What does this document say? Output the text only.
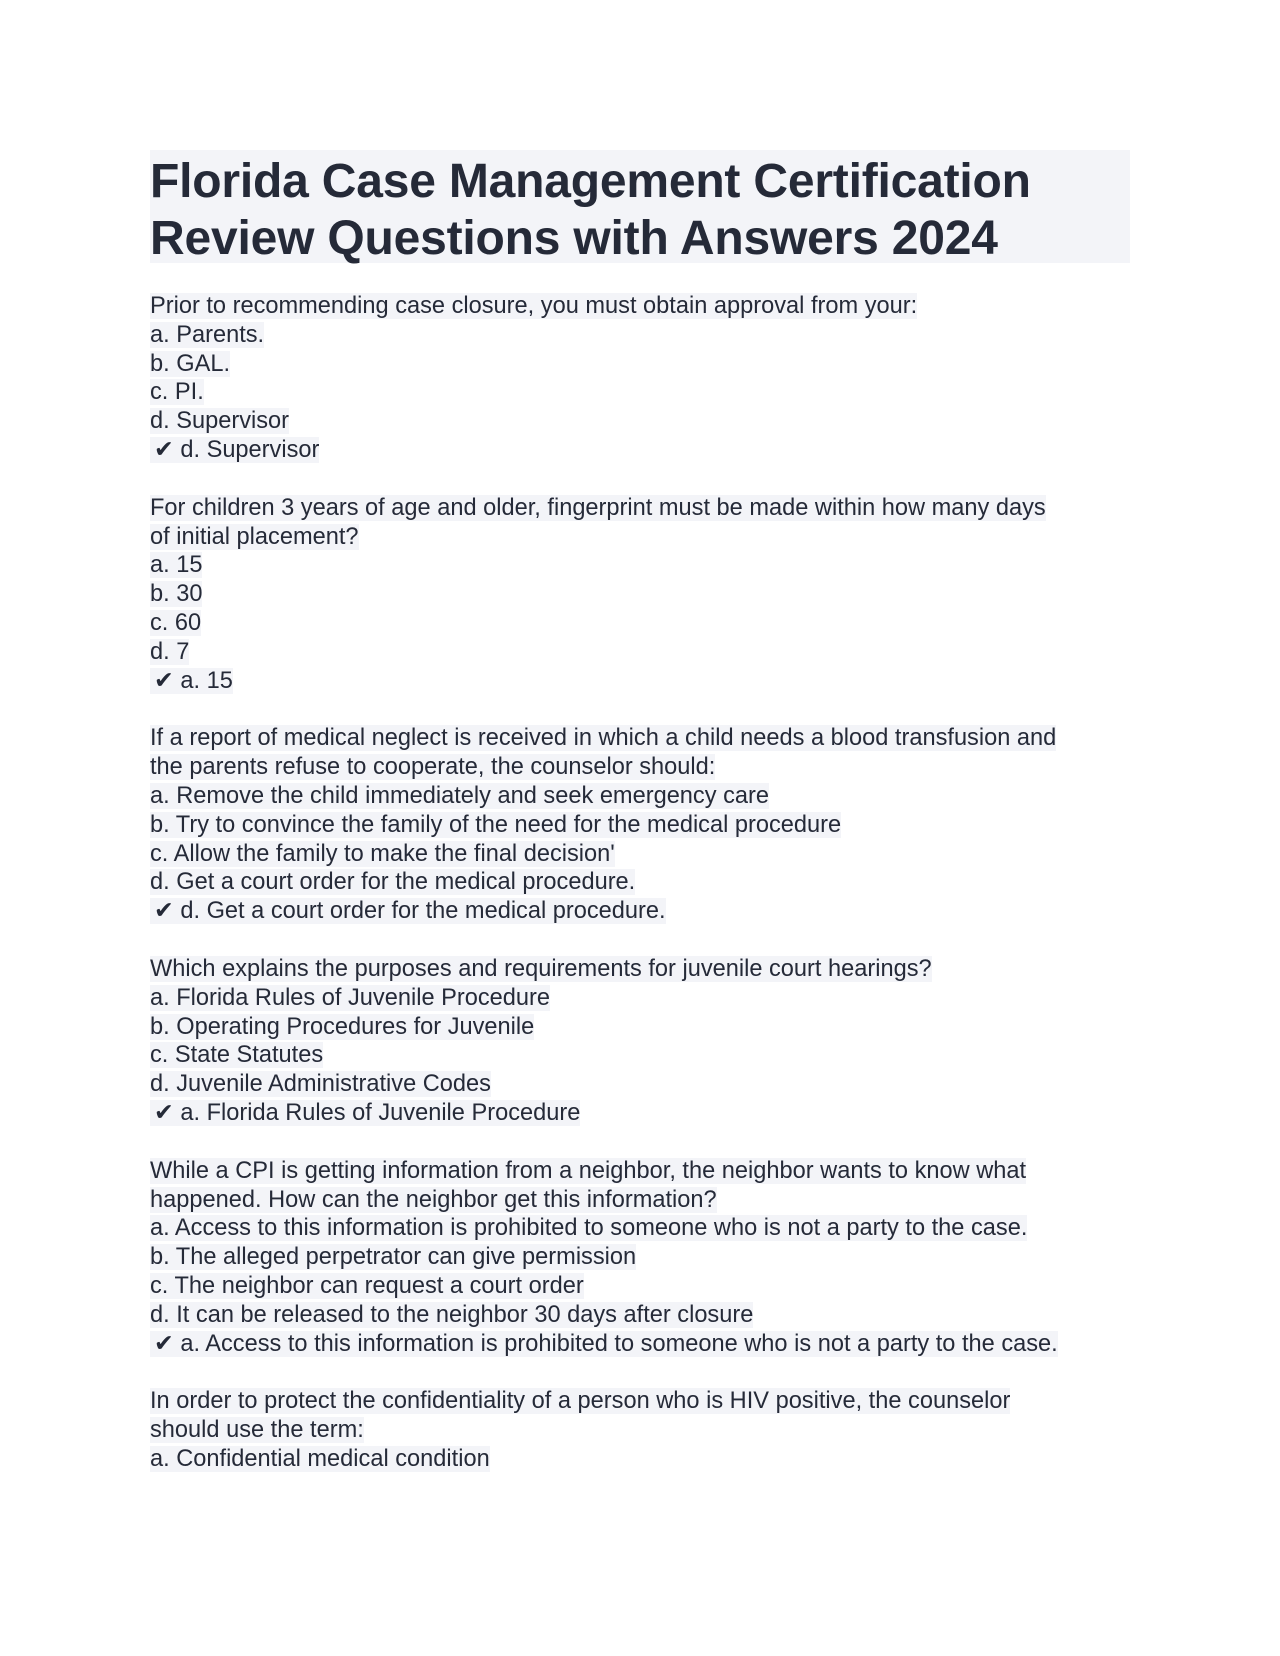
Florida Case Management Certification
Review Questions with Answers 2024
Prior to recommending case closure, you must obtain approval from your:
a. Parents.
b. GAL.
c. PI.
d. Supervisor
✔ d. Supervisor
For children 3 years of age and older, fingerprint must be made within how many days
of initial placement?
a. 15
b. 30
c. 60
d. 7
✔ a. 15
If a report of medical neglect is received in which a child needs a blood transfusion and
the parents refuse to cooperate, the counselor should:
a. Remove the child immediately and seek emergency care
b. Try to convince the family of the need for the medical procedure
c. Allow the family to make the final decision'
d. Get a court order for the medical procedure.
✔ d. Get a court order for the medical procedure.
Which explains the purposes and requirements for juvenile court hearings?
a. Florida Rules of Juvenile Procedure
b. Operating Procedures for Juvenile
c. State Statutes
d. Juvenile Administrative Codes
✔ a. Florida Rules of Juvenile Procedure
While a CPI is getting information from a neighbor, the neighbor wants to know what
happened. How can the neighbor get this information?
a. Access to this information is prohibited to someone who is not a party to the case.
b. The alleged perpetrator can give permission
c. The neighbor can request a court order
d. It can be released to the neighbor 30 days after closure
✔ a. Access to this information is prohibited to someone who is not a party to the case.
In order to protect the confidentiality of a person who is HIV positive, the counselor
should use the term:
a. Confidential medical condition
